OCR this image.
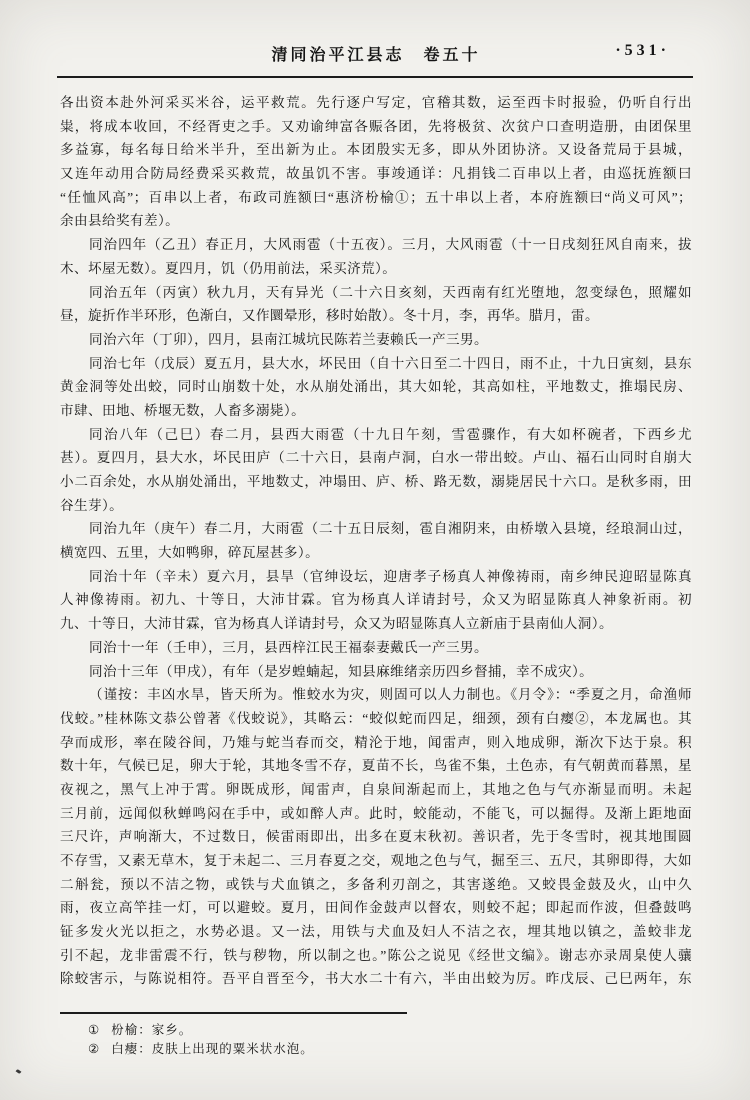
清同治平江县志　卷五十	·531·
各出资本赴外河采买米谷，运平救荒。先行逐户写定，官稽其数，运至西卡时报验，仍听自行出
粜，将成本收回，不经胥吏之手。又劝谕绅富各赈各团，先将极贫、次贫户口查明造册，由团保里
多益寡，每名每日给米半升，至出新为止。本团殷实无多，即从外团协济。又设备荒局于县城，
又连年动用合防局经费采买救荒，故虽饥不害。事竣通详：凡捐钱二百串以上者，由巡抚旌额曰
“任恤风高”；百串以上者，布政司旌额曰“惠济枌榆①；五十串以上者，本府旌额曰“尚义可风”；
余由县给奖有差）。
同治四年（乙丑）春正月，大风雨雹（十五夜）。三月，大风雨雹（十一日戌刻狂风自南来，拔
木、坏屋无数）。夏四月，饥（仍用前法，采买济荒）。
同治五年（丙寅）秋九月，天有异光（二十六日亥刻，天西南有红光堕地，忽变绿色，照耀如
昼，旋折作半环形，色渐白，又作圜晕形，移时始散）。冬十月，李，再华。腊月，雷。
同治六年（丁卯），四月，县南江城坑民陈若兰妻赖氏一产三男。
同治七年（戊辰）夏五月，县大水，坏民田（自十六日至二十四日，雨不止，十九日寅刻，县东
黄金洞等处出蛟，同时山崩数十处，水从崩处涌出，其大如轮，其高如柱，平地数丈，推塌民房、
市肆、田地、桥堰无数，人畜多溺毙）。
同治八年（己巳）春二月，县西大雨雹（十九日午刻，雪雹骤作，有大如杯碗者，下西乡尤
甚）。夏四月，县大水，坏民田庐（二十六日，县南卢洞，白水一带出蛟。卢山、福石山同时自崩大
小二百余处，水从崩处涌出，平地数丈，冲塌田、庐、桥、路无数，溺毙居民十六口。是秋多雨，田
谷生芽）。
同治九年（庚午）春二月，大雨雹（二十五日辰刻，雹自湘阴来，由桥墩入县境，经琅洞山过，
横宽四、五里，大如鸭卵，碎瓦屋甚多）。
同治十年（辛未）夏六月，县旱（官绅设坛，迎唐孝子杨真人神像祷雨，南乡绅民迎昭显陈真
人神像祷雨。初九、十等日，大沛甘霖。官为杨真人详请封号，众又为昭显陈真人神象祈雨。初
九、十等日，大沛甘霖，官为杨真人详请封号，众又为昭显陈真人立新庙于县南仙人洞）。
同治十一年（壬申），三月，县西梓江民王福泰妻戴氏一产三男。
同治十三年（甲戌），有年（是岁蝗蝻起，知县麻维绪亲历四乡督捕，幸不成灾）。
（谨按：丰凶水旱，皆天所为。惟蛟水为灾，则固可以人力制也。《月令》：“季夏之月，命渔师
伐蛟。”桂林陈文恭公曾著《伐蛟说》，其略云：“蛟似蛇而四足，细颈，颈有白瘿②，本龙属也。其
孕而成形，率在陵谷间，乃雉与蛇当春而交，精沦于地，闻雷声，则入地成卵，渐次下达于泉。积
数十年，气候已足，卵大于轮，其地冬雪不存，夏苗不长，鸟雀不集，土色赤，有气朝黄而暮黑，星
夜视之，黑气上冲于霄。卵既成形，闻雷声，自泉间渐起而上，其地之色与气亦渐显而明。未起
三月前，远闻似秋蝉鸣闷在手中，或如醉人声。此时，蛟能动，不能飞，可以掘得。及渐上距地面
三尺许，声响渐大，不过数日，候雷雨即出，出多在夏末秋初。善识者，先于冬雪时，视其地围圆
不存雪，又素无草木，复于未起二、三月春夏之交，观地之色与气，掘至三、五尺，其卵即得，大如
二斛瓮，预以不洁之物，或铁与犬血镇之，多备利刃剖之，其害遂绝。又蛟畏金鼓及火，山中久
雨，夜立高竿挂一灯，可以避蛟。夏月，田间作金鼓声以督农，则蛟不起；即起而作波，但叠鼓鸣
钲多发火光以拒之，水势必退。又一法，用铁与犬血及妇人不洁之衣，埋其地以镇之，盖蛟非龙
引不起，龙非雷震不行，铁与秽物，所以制之也。”陈公之说见《经世文编》。谢志亦录周臬使人骧
除蛟害示，与陈说相符。吾平自晋至今，书大水二十有六，半由出蛟为厉。昨戊辰、己巳两年，东
① 枌榆：家乡。
② 白瘿：皮肤上出现的粟米状水泡。
